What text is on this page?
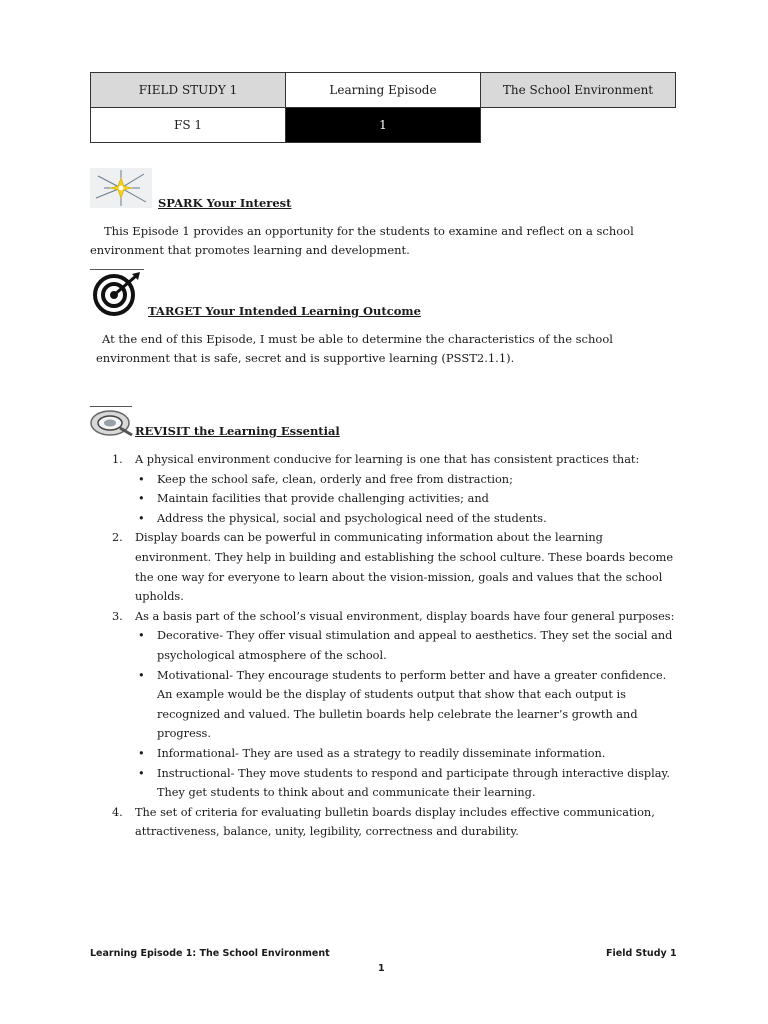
FIELD STUDY 1	Learning Episode	The School Environment
FS 1	1	
SPARK Your Interest

This Episode 1 provides an opportunity for the students to examine and reflect on a school environment that promotes learning and development.

TARGET Your Intended Learning Outcome

At the end of this Episode, I must be able to determine the characteristics of the school environment that is safe, secret and is supportive learning (PSST2.1.1).

REVISIT the Learning Essential
1. A physical environment conducive for learning is one that has consistent practices that:
• Keep the school safe, clean, orderly and free from distraction;
• Maintain facilities that provide challenging activities; and
• Address the physical, social and psychological need of the students.
2. Display boards can be powerful in communicating information about the learning environment. They help in building and establishing the school culture. These boards become the one way for everyone to learn about the vision-mission, goals and values that the school upholds.
3. As a basis part of the school’s visual environment, display boards have four general purposes:
• Decorative- They offer visual stimulation and appeal to aesthetics. They set the social and psychological atmosphere of the school.
• Motivational- They encourage students to perform better and have a greater confidence. An example would be the display of students output that show that each output is recognized and valued. The bulletin boards help celebrate the learner’s growth and progress.
• Informational- They are used as a strategy to readily disseminate information.
• Instructional- They move students to respond and participate through interactive display. They get students to think about and communicate their learning.
4. The set of criteria for evaluating bulletin boards display includes effective communication, attractiveness, balance, unity, legibility, correctness and durability.
Learning Episode 1: The School Environment	Field Study 1
1
